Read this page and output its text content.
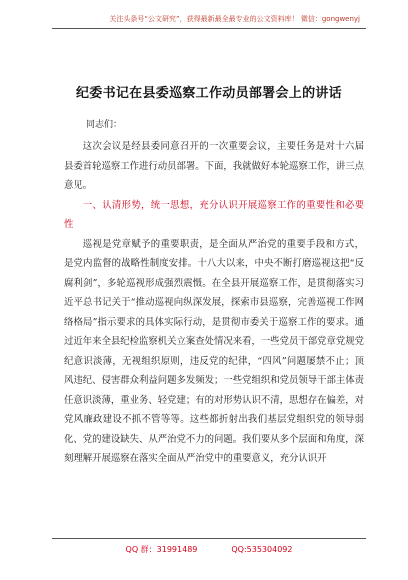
关注头条号“公文研究”，获得最新最全最专业的公文资料库！ 微信：gongwenyj
纪委书记在县委巡察工作动员部署会上的讲话
同志们：

这次会议是经县委同意召开的一次重要会议，主要任务是对十六届县委首轮巡察工作进行动员部署。下面，我就做好本轮巡察工作，讲三点意见。

一、认清形势，统一思想，充分认识开展巡察工作的重要性和必要性

巡视是党章赋予的重要职责，是全面从严治党的重要手段和方式，是党内监督的战略性制度安排。十八大以来，中央不断打磨巡视这把“反腐利剑”，多轮巡视形成强烈震慑。在全县开展巡察工作，是贯彻落实习近平总书记关于“推动巡视向纵深发展，探索市县巡察，完善巡视工作网络格局”指示要求的具体实际行动，是贯彻市委关于巡察工作的要求。通过近年来全县纪检监察机关立案查处情况来看，一些党员干部党章党规党纪意识淡薄，无视组织原则，违反党的纪律，“四风”问题屡禁不止；顶风违纪、侵害群众利益问题多发频发；一些党组织和党员领导干部主体责任意识淡薄，重业务、轻党建；有的对形势认识不清，思想存在偏差，对党风廉政建设不抓不管等等。这些都折射出我们基层党组织党的领导弱化、党的建设缺失、从严治党不力的问题。我们要从多个层面和角度，深刻理解开展巡察在落实全面从严治党中的重要意义，充分认识开

QQ 群：31991489	QQ:535304092
